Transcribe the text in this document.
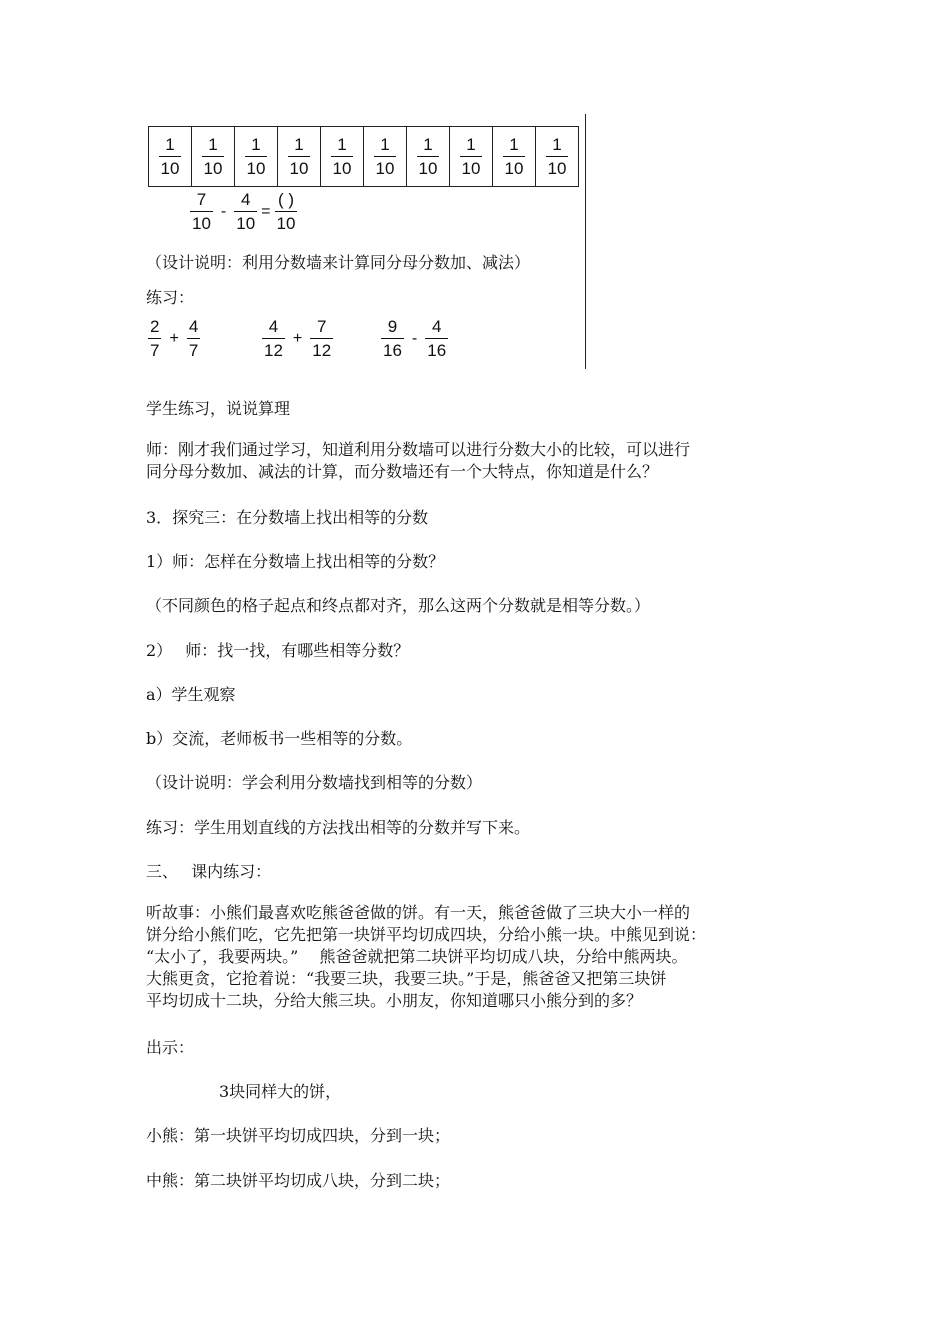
$\frac{1}{10} \frac{1}{10} \frac{1}{10} \frac{1}{10} \frac{1}{10} \frac{1}{10} \frac{1}{10} \frac{1}{10} \frac{1}{10} \frac{1}{10}$
$\frac{7}{10} - \frac{4}{10} = \frac{( )}{10}$
（设计说明：利用分数墙来计算同分母分数加、减法）
练习：
$\frac{2}{7} + \frac{4}{7}$	$\frac{4}{12} + \frac{7}{12}$	$\frac{9}{16} - \frac{4}{16}$
学生练习，说说算理
师：刚才我们通过学习，知道利用分数墙可以进行分数大小的比较，可以进行
同分母分数加、减法的计算，而分数墙还有一个大特点，你知道是什么？
3．探究三：在分数墙上找出相等的分数
1）师：怎样在分数墙上找出相等的分数？
（不同颜色的格子起点和终点都对齐，那么这两个分数就是相等分数。）
2）　 师：找一找，有哪些相等分数？
a）学生观察
b）交流，老师板书一些相等的分数。
（设计说明：学会利用分数墙找到相等的分数）
练习：学生用划直线的方法找出相等的分数并写下来。
三、　 课内练习：
听故事：小熊们最喜欢吃熊爸爸做的饼。有一天，熊爸爸做了三块大小一样的
饼分给小熊们吃，它先把第一块饼平均切成四块，分给小熊一块。中熊见到说：
“太小了，我要两块。”　 熊爸爸就把第二块饼平均切成八块，分给中熊两块。
大熊更贪，它抢着说：“我要三块，我要三块。”于是，熊爸爸又把第三块饼
平均切成十二块，分给大熊三块。小朋友，你知道哪只小熊分到的多？
出示：
3块同样大的饼，
小熊：第一块饼平均切成四块，分到一块；
中熊：第二块饼平均切成八块，分到二块；
